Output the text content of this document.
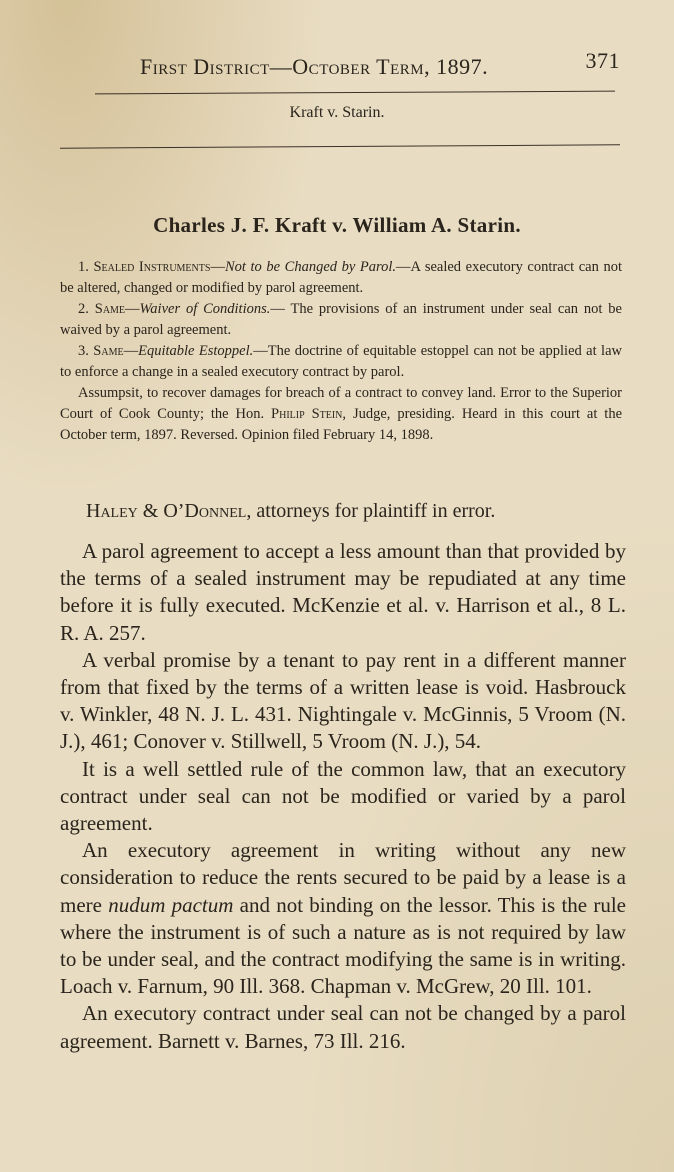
First District—October Term, 1897.	371
Kraft v. Starin.
Charles J. F. Kraft v. William A. Starin.

1. Sealed Instruments—Not to be Changed by Parol.—A sealed executory contract can not be altered, changed or modified by parol agreement.

2. Same—Waiver of Conditions.— The provisions of an instrument under seal can not be waived by a parol agreement.

3. Same—Equitable Estoppel.—The doctrine of equitable estoppel can not be applied at law to enforce a change in a sealed executory contract by parol.

Assumpsit, to recover damages for breach of a contract to convey land. Error to the Superior Court of Cook County; the Hon. Philip Stein, Judge, presiding. Heard in this court at the October term, 1897. Reversed. Opinion filed February 14, 1898.

Haley & O’Donnel, attorneys for plaintiff in error.

A parol agreement to accept a less amount than that provided by the terms of a sealed instrument may be repudiated at any time before it is fully executed. McKenzie et al. v. Harrison et al., 8 L. R. A. 257.

A verbal promise by a tenant to pay rent in a different manner from that fixed by the terms of a written lease is void. Hasbrouck v. Winkler, 48 N. J. L. 431. Nightingale v. McGinnis, 5 Vroom (N. J.), 461; Conover v. Stillwell, 5 Vroom (N. J.), 54.

It is a well settled rule of the common law, that an executory contract under seal can not be modified or varied by a parol agreement.

An executory agreement in writing without any new consideration to reduce the rents secured to be paid by a lease is a mere nudum pactum and not binding on the lessor. This is the rule where the instrument is of such a nature as is not required by law to be under seal, and the contract modifying the same is in writing. Loach v. Farnum, 90 Ill. 368. Chapman v. McGrew, 20 Ill. 101.

An executory contract under seal can not be changed by a parol agreement. Barnett v. Barnes, 73 Ill. 216.
